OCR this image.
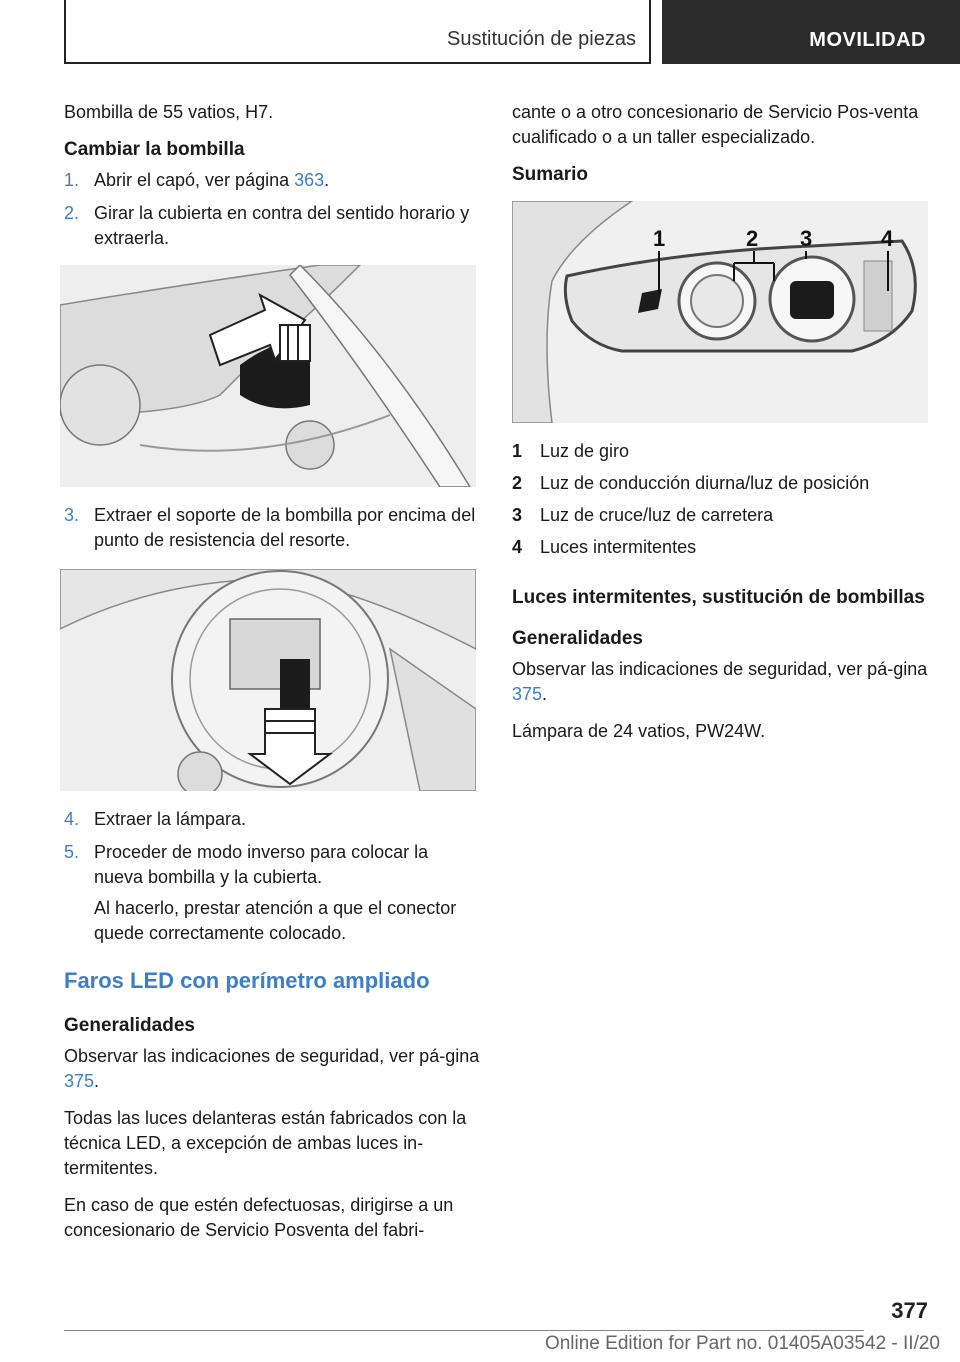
Sustitución de piezas	MOVILIDAD

Bombilla de 55 vatios, H7.

Cambiar la bombilla
1. Abrir el capó, ver página 363.
2. Girar la cubierta en contra del sentido horario y extraerla.
3. Extraer el soporte de la bombilla por encima del punto de resistencia del resorte.
4. Extraer la lámpara.
5. Proceder de modo inverso para colocar la nueva bombilla y la cubierta.
Al hacerlo, prestar atención a que el conector quede correctamente colocado.
Faros LED con perímetro ampliado
Generalidades

Observar las indicaciones de seguridad, ver pá‐gina 375.

Todas las luces delanteras están fabricados con la técnica LED, a excepción de ambas luces in‐termitentes.

En caso de que estén defectuosas, dirigirse a un concesionario de Servicio Posventa del fabri‐

cante o a otro concesionario de Servicio Pos‐venta cualificado o a un taller especializado.

Sumario
1	2 3	4
1 Luz de giro
2 Luz de conducción diurna/luz de posición
3 Luz de cruce/luz de carretera
4 Luces intermitentes
Luces intermitentes, sustitución de bombillas
Generalidades

Observar las indicaciones de seguridad, ver pá‐gina 375.

Lámpara de 24 vatios, PW24W.

377
Online Edition for Part no. 01405A03542 - II/20
